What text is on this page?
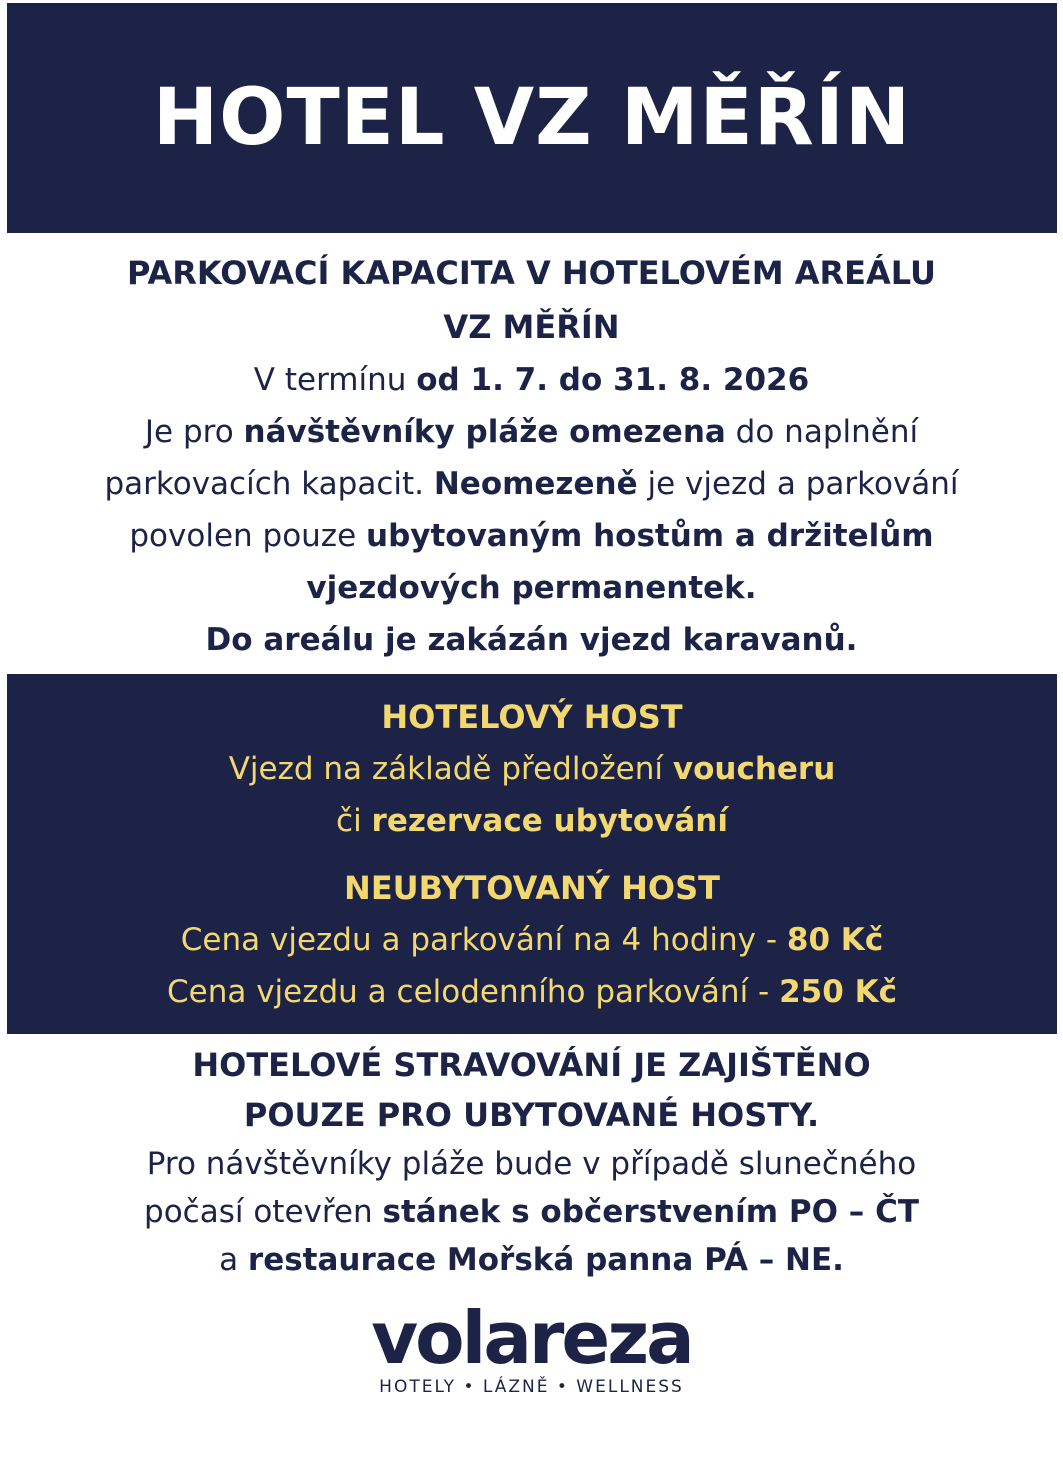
HOTEL VZ MĚŘÍN

PARKOVACÍ KAPACITA V HOTELOVÉM AREÁLU

VZ MĚŘÍN

V termínu od 1. 7. do 31. 8. 2026

Je pro návštěvníky pláže omezena do naplnění

parkovacích kapacit. Neomezeně je vjezd a parkování

povolen pouze ubytovaným hostům a držitelům

vjezdových permanentek.

Do areálu je zakázán vjezd karavanů.

HOTELOVÝ HOST

Vjezd na základě předložení voucheru

či rezervace ubytování

NEUBYTOVANÝ HOST

Cena vjezdu a parkování na 4 hodiny - 80 Kč

Cena vjezdu a celodenního parkování - 250 Kč

HOTELOVÉ STRAVOVÁNÍ JE ZAJIŠTĚNO

POUZE PRO UBYTOVANÉ HOSTY.

Pro návštěvníky pláže bude v případě slunečného

počasí otevřen stánek s občerstvením PO – ČT

a restaurace Mořská panna PÁ – NE.

volareza
HOTELY • LÁZNĚ • WELLNESS
